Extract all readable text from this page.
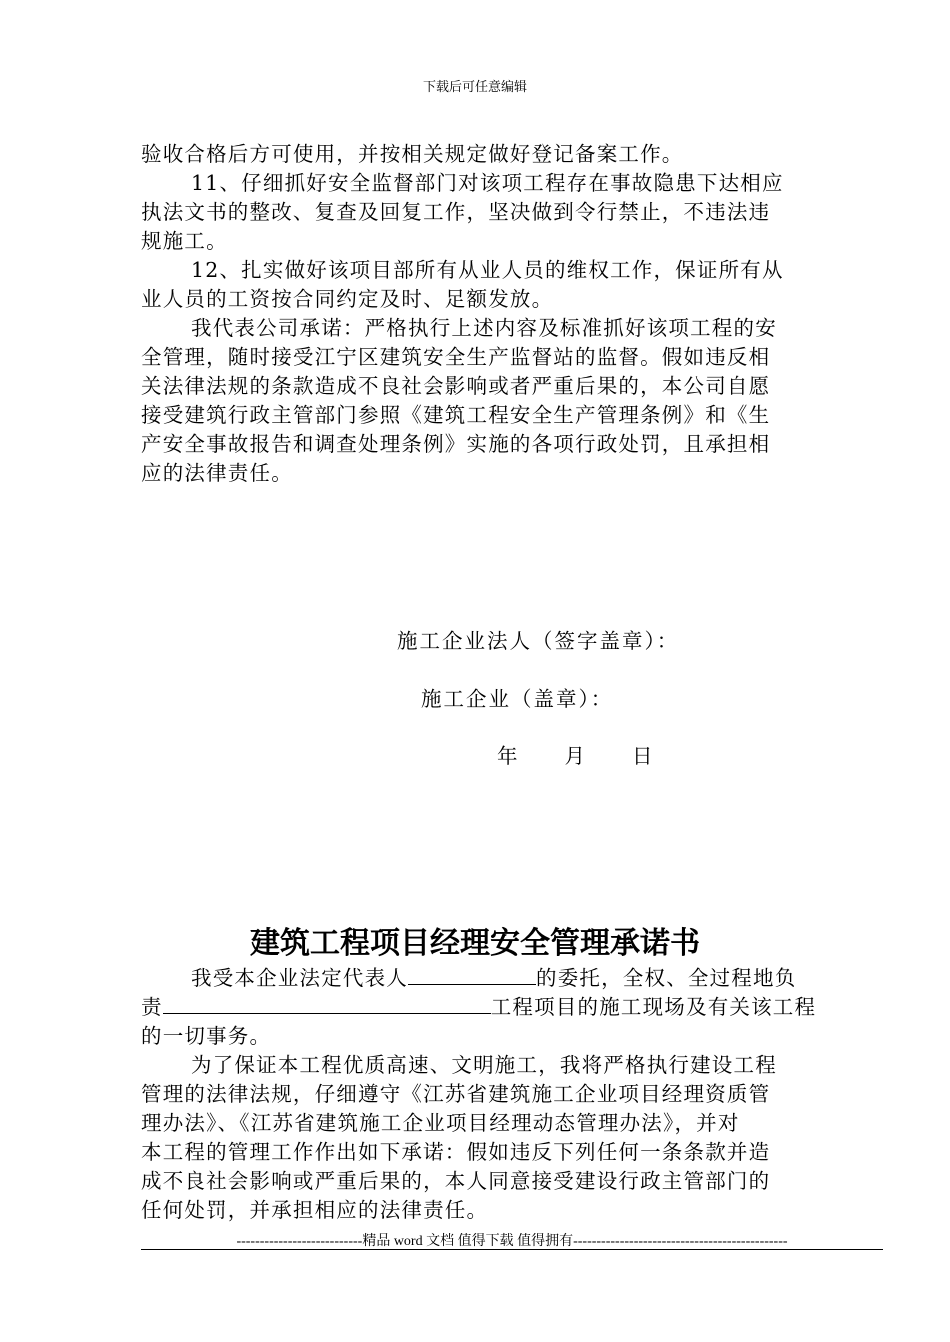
下载后可任意编辑
验收合格后方可使用，并按相关规定做好登记备案工作。
11、仔细抓好安全监督部门对该项工程存在事故隐患下达相应
执法文书的整改、复查及回复工作，坚决做到令行禁止，不违法违
规施工。
12、扎实做好该项目部所有从业人员的维权工作，保证所有从
业人员的工资按合同约定及时、足额发放。
我代表公司承诺：严格执行上述内容及标准抓好该项工程的安
全管理，随时接受江宁区建筑安全生产监督站的监督。假如违反相
关法律法规的条款造成不良社会影响或者严重后果的，本公司自愿
接受建筑行政主管部门参照《建筑工程安全生产管理条例》和《生
产安全事故报告和调查处理条例》实施的各项行政处罚，且承担相
应的法律责任。
施工企业法人（签字盖章）：
施工企业（盖章）：
年　　月　　日
建筑工程项目经理安全管理承诺书
我受本企业法定代表人	的委托，全权、全过程地负
责	工程项目的施工现场及有关该工程
的一切事务。
为了保证本工程优质高速、文明施工，我将严格执行建设工程
管理的法律法规，仔细遵守《江苏省建筑施工企业项目经理资质管
理办法》、《江苏省建筑施工企业项目经理动态管理办法》，并对
本工程的管理工作作出如下承诺：假如违反下列任何一条条款并造
成不良社会影响或严重后果的，本人同意接受建设行政主管部门的
任何处罚，并承担相应的法律责任。
---------------------------精品 word 文档 值得下载 值得拥有----------------------------------------------
